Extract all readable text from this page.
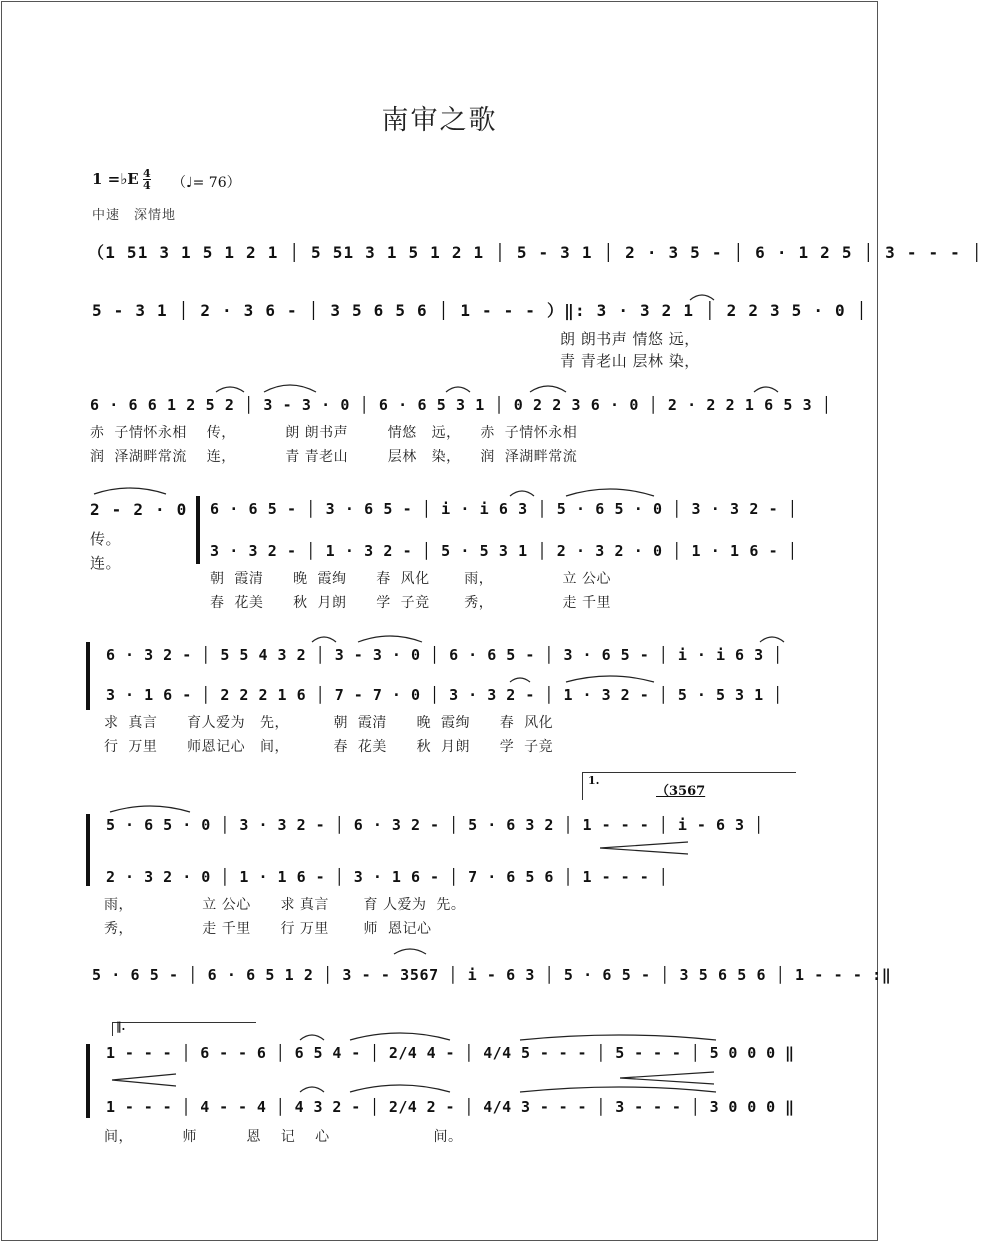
南审之歌
1 =♭E 4
4 （♩= 76）
中速　深情地
（1 51 3 1 5 1 2 1 │ 5 51 3 1 5 1 2 1 │ 5 - 3 1 │ 2 · 3 5 - │ 6 · 1 2 5 │ 3 - - - │
5 - 3 1 │ 2 · 3 6 - │ 3 5 6 5 6 │ 1 - - - ）‖: 3 · 3 2 1 │ 2 2 3 5 · 0 │
朗 朗书声 情悠 远，
青 青老山 层林 染，
6 · 6 6 1 2 5 2 │ 3 - 3 · 0 │ 6 · 6 5 3 1 │ 0 2 2 3 6 · 0 │ 2 · 2 2 1 6 5 3 │
赤  子情怀永相    传，          朗 朗书声        情悠   远，    赤  子情怀永相
润  泽湖畔常流    连，          青 青老山        层林   染，    润  泽湖畔常流
2 - 2 · 0 6 · 6 5 - │ 3 · 6 5 - │ i · i 6 3 │ 5 · 6 5 · 0 │ 3 · 3 2 - │
3 · 3 2 - │ 1 · 3 2 - │ 5 · 5 3 1 │ 2 · 3 2 · 0 │ 1 · 1 6 - │
传。
连。
朝  霞清      晚  霞绚      春  风化       雨，              立 公心
春  花美      秋  月朗      学  子竞       秀，              走 千里
6 · 3 2 - │ 5 5 4 3 2 │ 3 - 3 · 0 │ 6 · 6 5 - │ 3 · 6 5 - │ i · i 6 3 │
3 · 1 6 - │ 2 2 2 1 6 │ 7 - 7 · 0 │ 3 · 3 2 - │ 1 · 3 2 - │ 5 · 5 3 1 │
求  真言      育人爱为   先，         朝  霞清      晚  霞绚      春  风化
行  万里      师恩记心   间，         春  花美      秋  月朗      学  子竞
1.
（3567
5 · 6 5 · 0 │ 3 · 3 2 - │ 6 · 3 2 - │ 5 · 6 3 2 │ 1 - - - │ i - 6 3 │
2 · 3 2 · 0 │ 1 · 1 6 - │ 3 · 1 6 - │ 7 · 6 5 6 │ 1 - - - │
雨，              立 公心      求 真言       育 人爱为  先。
秀，              走 千里      行 万里       师  恩记心
5 · 6 5 - │ 6 · 6 5 1 2 │ 3 - - 3567 │ i - 6 3 │ 5 · 6 5 - │ 3 5 6 5 6 │ 1 - - - :‖
‖.
1 - - - │ 6 - - 6 │ 6 5 4 - │ 2/4 4 - │ 4/4 5 - - - │ 5 - - - │ 5 0 0 0 ‖
1 - - - │ 4 - - 4 │ 4 3 2 - │ 2/4 2 - │ 4/4 3 - - - │ 3 - - - │ 3 0 0 0 ‖
间，          师          恩    记    心                     间。
